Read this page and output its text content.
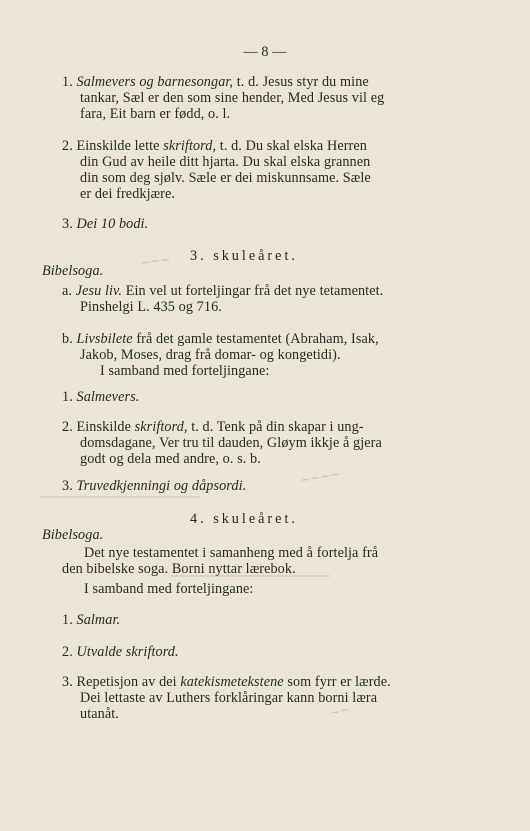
— 8 —
1. Salmevers og barnesongar, t. d. Jesus styr du mine
tankar, Sæl er den som sine hender, Med Jesus vil eg
fara, Eit barn er fødd, o. l.
2. Einskilde lette skriftord, t. d. Du skal elska Herren
din Gud av heile ditt hjarta. Du skal elska grannen
din som deg sjølv. Sæle er dei miskunnsame. Sæle
er dei fredkjære.
3. Dei 10 bodi.
3. skuleåret.
Bibelsoga.
~~~
a. Jesu liv. Ein vel ut forteljingar frå det nye tetamentet.
Pinshelgi L. 435 og 716.
b. Livsbilete frå det gamle testamentet (Abraham, Isak,
Jakob, Moses, drag frå domar- og kongetidi).
I samband med forteljingane:
1. Salmevers.
2. Einskilde skriftord, t. d. Tenk på din skapar i ung-
domsdagane, Ver tru til dauden, Gløym ikkje å gjera
godt og dela med andre, o. s. b.
3. Truvedkjenningi og dåpsordi.	~~~~
4. skuleåret.
Bibelsoga.
Det nye testamentet i samanheng med å fortelja frå
den bibelske soga. Borni nyttar lærebok.
I samband med forteljingane:
1. Salmar.
2. Utvalde skriftord.
3. Repetisjon av dei katekismetekstene som fyrr er lærde.
Dei lettaste av Luthers forklåringar kann borni læra
utanåt.	~~
